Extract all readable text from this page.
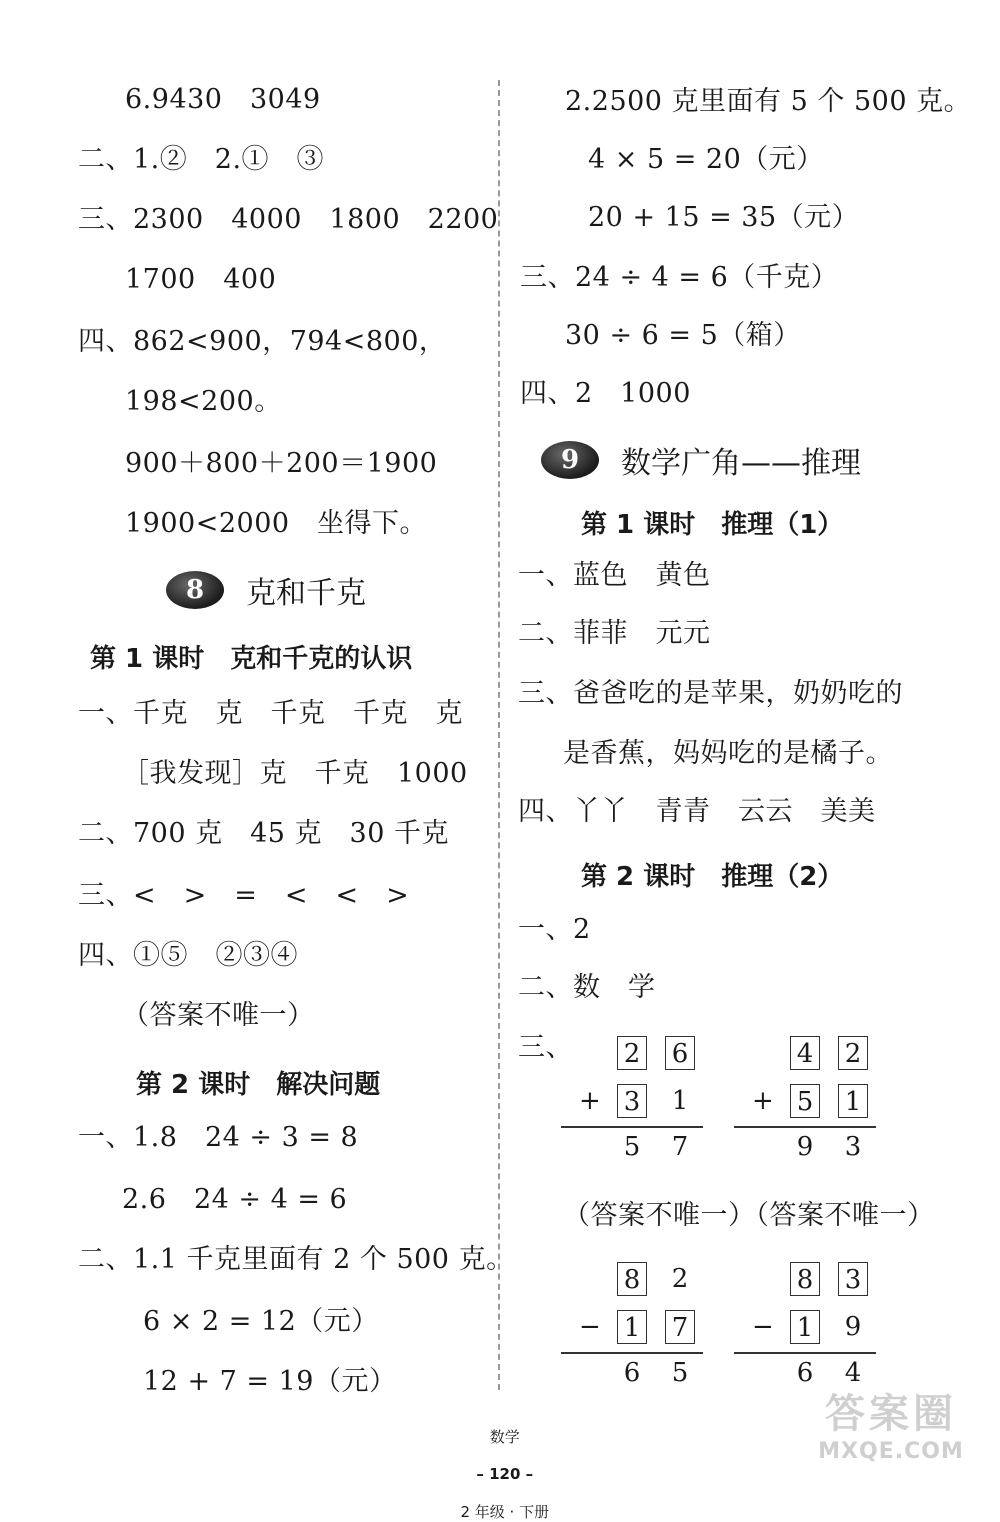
6.9430　3049
二、1.②　2.①　③
三、2300　4000　1800　2200
1700　400
四、862<900，794<800，
198<200。
900＋800＋200＝1900
1900<2000　坐得下。
8	克和千克
第 1 课时　克和千克的认识
一、千克　克　千克　千克　克
［我发现］克　千克　1000
二、700 克　45 克　30 千克
三、<　>　=　<　<　>
四、①⑤　②③④
（答案不唯一）
第 2 课时　解决问题
一、1.8　24 ÷ 3 = 8
2.6　24 ÷ 4 = 6
二、1.1 千克里面有 2 个 500 克。
6 × 2 = 12（元）
12 + 7 = 19（元）
2.2500 克里面有 5 个 500 克。
4 × 5 = 20（元）
20 + 15 = 35（元）
三、24 ÷ 4 = 6（千克）
30 ÷ 6 = 5（箱）
四、2　1000
9	数学广角——推理
第 1 课时　推理（1）
一、蓝色　黄色
二、菲菲　元元
三、爸爸吃的是苹果，奶奶吃的
是香蕉，妈妈吃的是橘子。
四、丫丫　青青　云云　美美
第 2 课时　推理（2）
一、2
二、数　学
三、 2 6
+ 3 1
5 7
4 2
+ 5 1
9 3
（答案不唯一）（答案不唯一）
8 2
− 1 7
6 5
8 3
− 1 9
6 4

数学

– 120 –

2 年级 · 下册

答案圈
MXQE.COM
